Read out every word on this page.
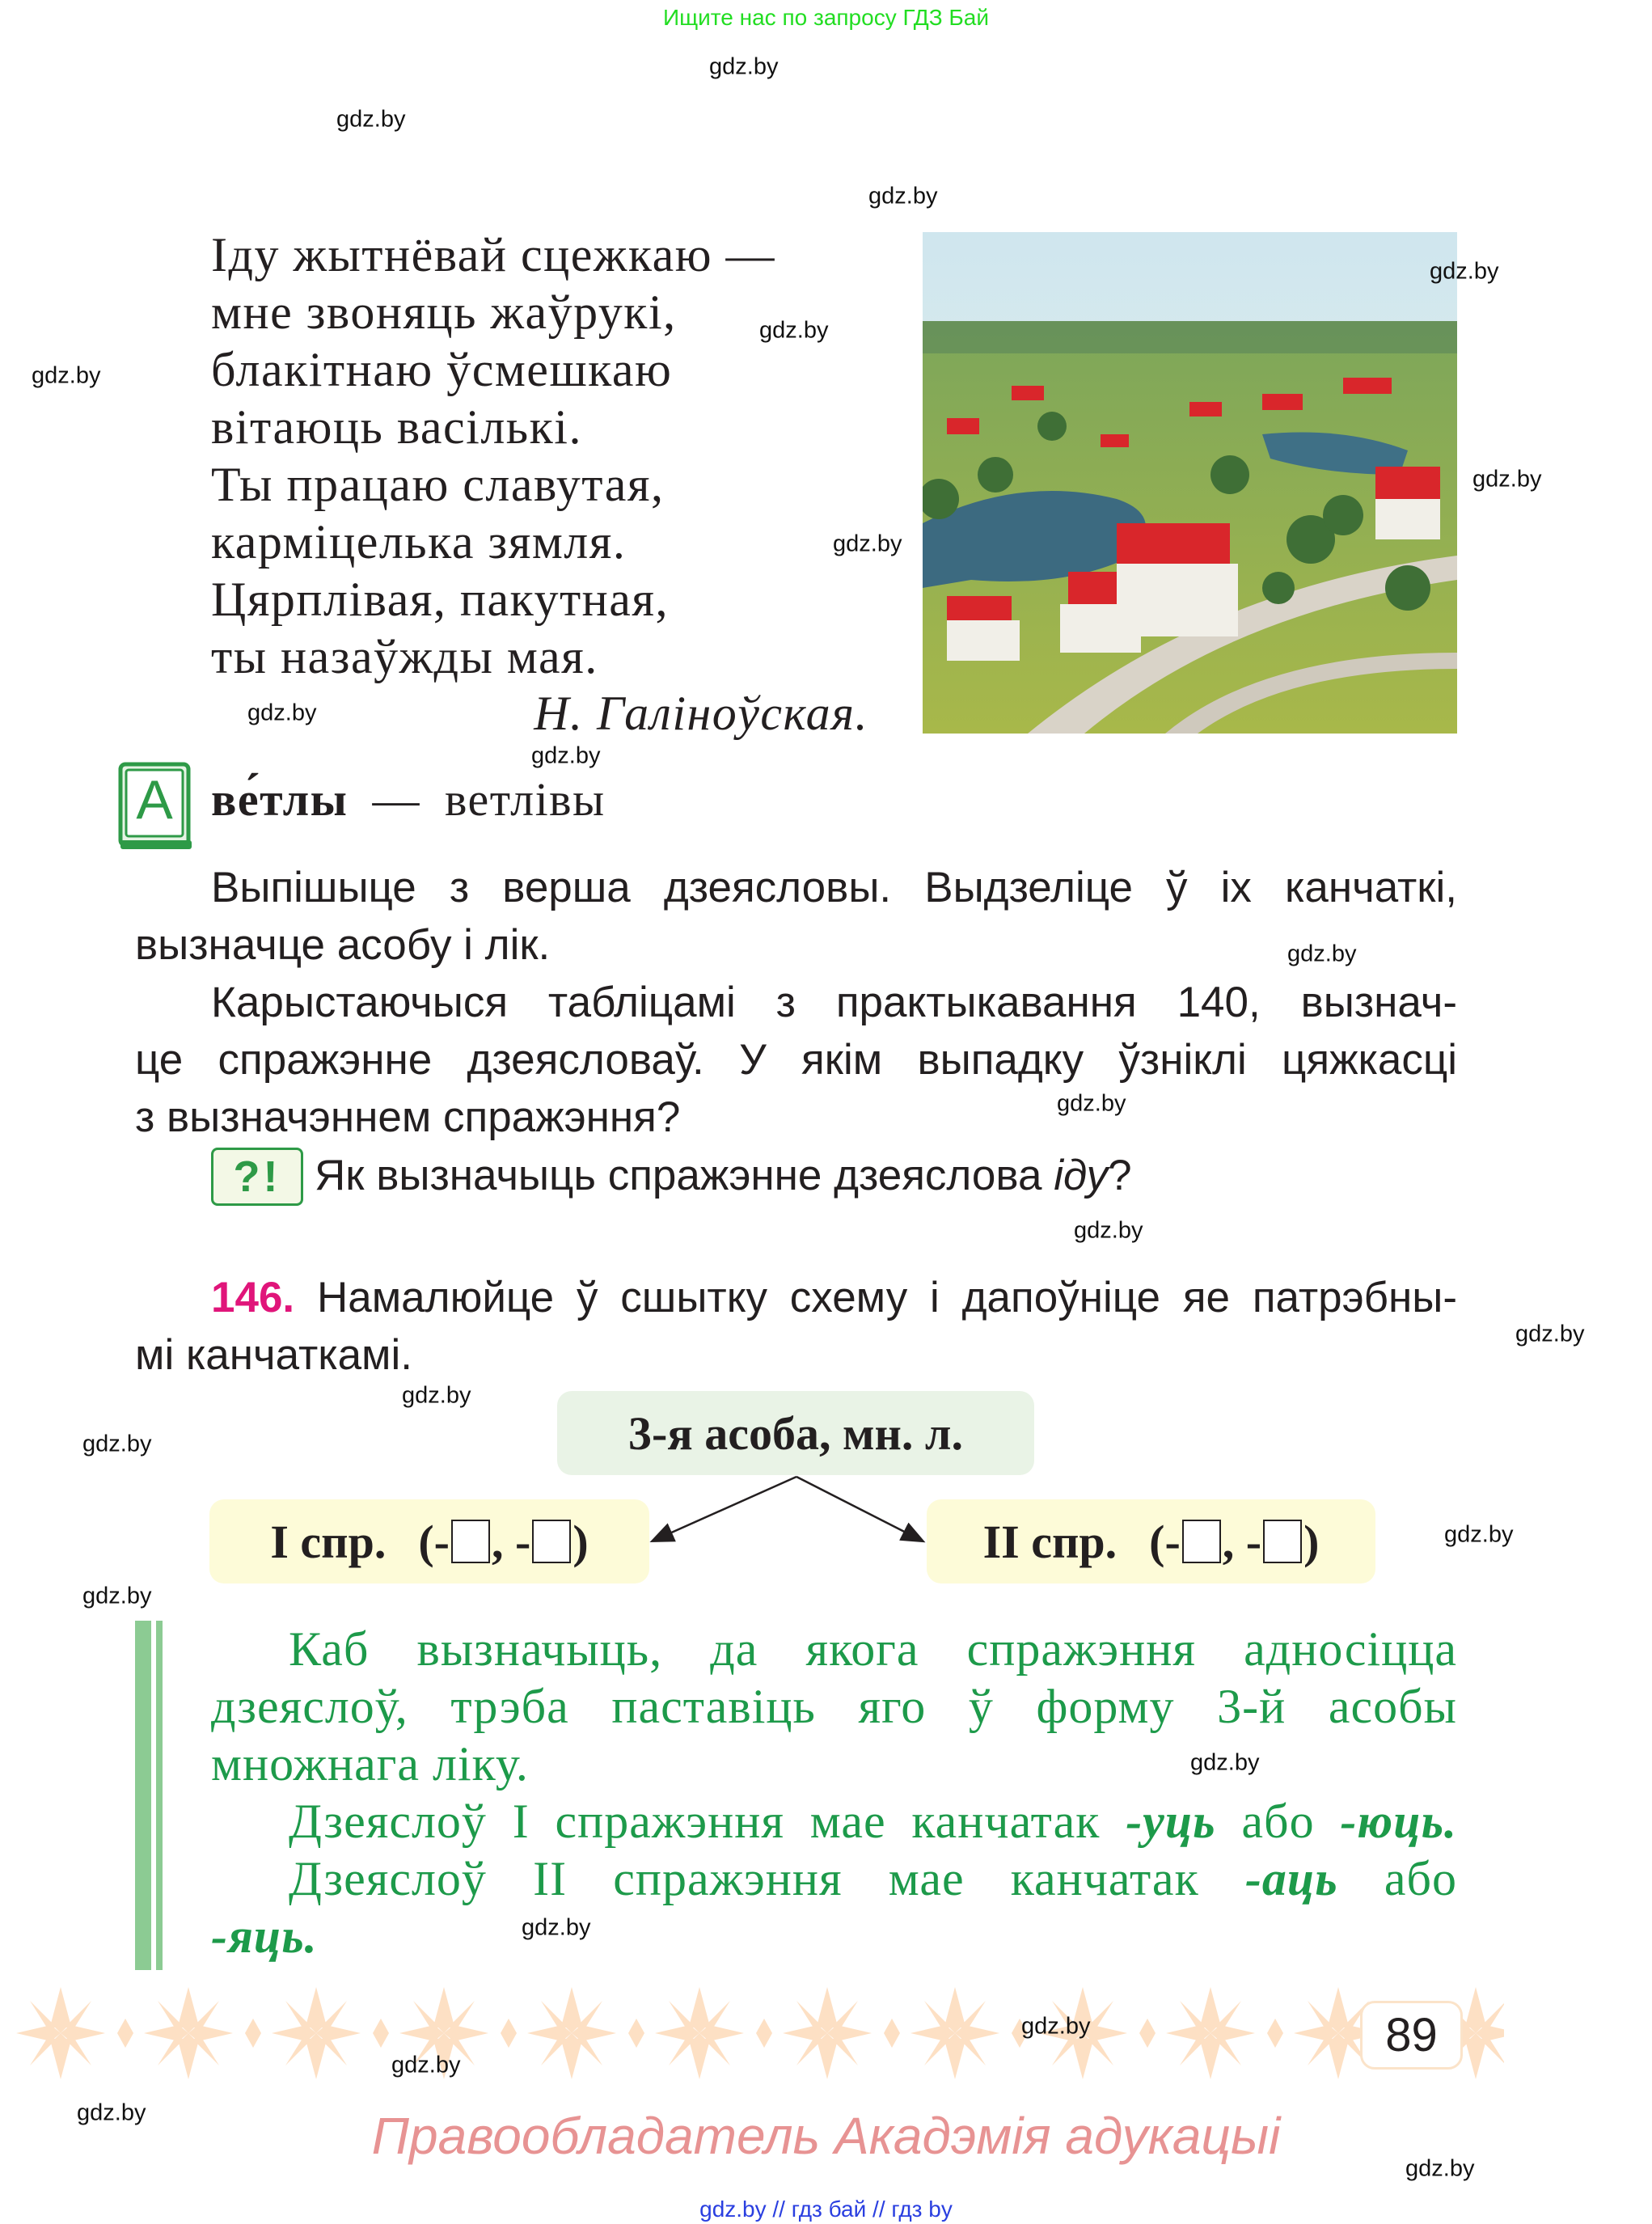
Ищите нас по запросу ГДЗ Бай
Іду жытнёвай сцежкаю —
мне звоняць жаўрукі,
блакітнаю ўсмешкаю
вітаюць васількі.
Ты працаю славутая,
карміцелька зямля.
Цярплівая, пакутная,
ты назаўжды мая.
Н. Галіноўская.
A ве́тлы — ветлівы
Выпішыце з верша дзеясловы. Выдзеліце ў іх канчаткі,
вызначце асобу і лік.
Карыстаючыся табліцамі з практыкавання 140, вызнач-
це спражэнне дзеясловаў. У якім выпадку ўзніклі цяжкасці
з вызначэннем спражэння?
?! Як вызначыць спражэнне дзеяслова іду?
146. Намалюйце ў сшытку схему і дапоўніце яе патрэбны-
мі канчаткамі.
3-я асоба, мн. л.
I спр. (- , - )	II спр. (- , - )
Каб вызначыць, да якога спражэння адносіцца
дзеяслоў, трэба паставіць яго ў форму 3-й асобы
множнага ліку.
Дзеяслоў I спражэння мае канчатак -уць або -юць.
Дзеяслоў II спражэння мае канчатак -аць або
-яць.
89
Правообладатель Акадэмія адукацыі
gdz.by // гдз бай // гдз by
gdz.by
gdz.by
gdz.by
gdz.by
gdz.by
gdz.by
gdz.by
gdz.by
gdz.by
gdz.by
gdz.by
gdz.by
gdz.by
gdz.by
gdz.by
gdz.by
gdz.by
gdz.by
gdz.by
gdz.by
gdz.by
gdz.by
gdz.by
gdz.by
